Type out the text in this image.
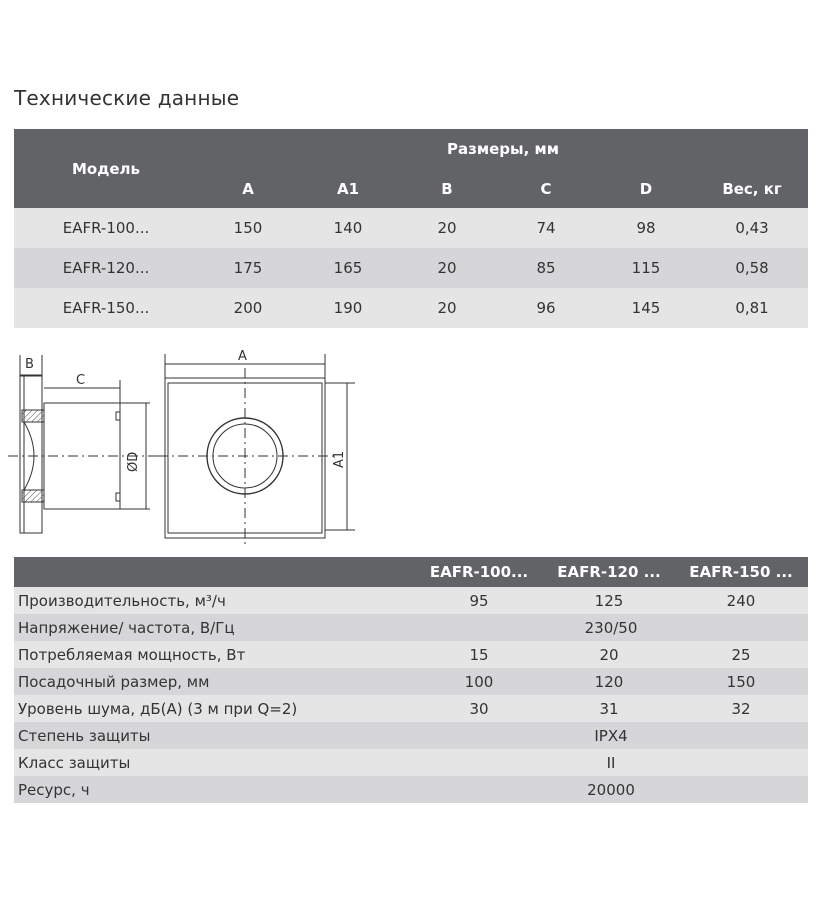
Технические данные
Модель	Размеры, мм					
	A	A1	B	C	D	Вес, кг
EAFR-100...	150	140	20	74	98	0,43
EAFR-120...	175	165	20	85	115	0,58
EAFR-150...	200	190	20	96	145	0,81
B
C
ØD
A
A1
	EAFR-100...	EAFR-120 ...	EAFR-150 ...
Производительность, м³/ч	95	125	240
Напряжение/ частота, В/Гц	230/50		
Потребляемая мощность, Вт	15	20	25
Посадочный размер, мм	100	120	150
Уровень шума, дБ(А) (3 м при Q=2)	30	31	32
Степень защиты	IPX4		
Класс защиты	II		
Ресурс, ч	20000		
